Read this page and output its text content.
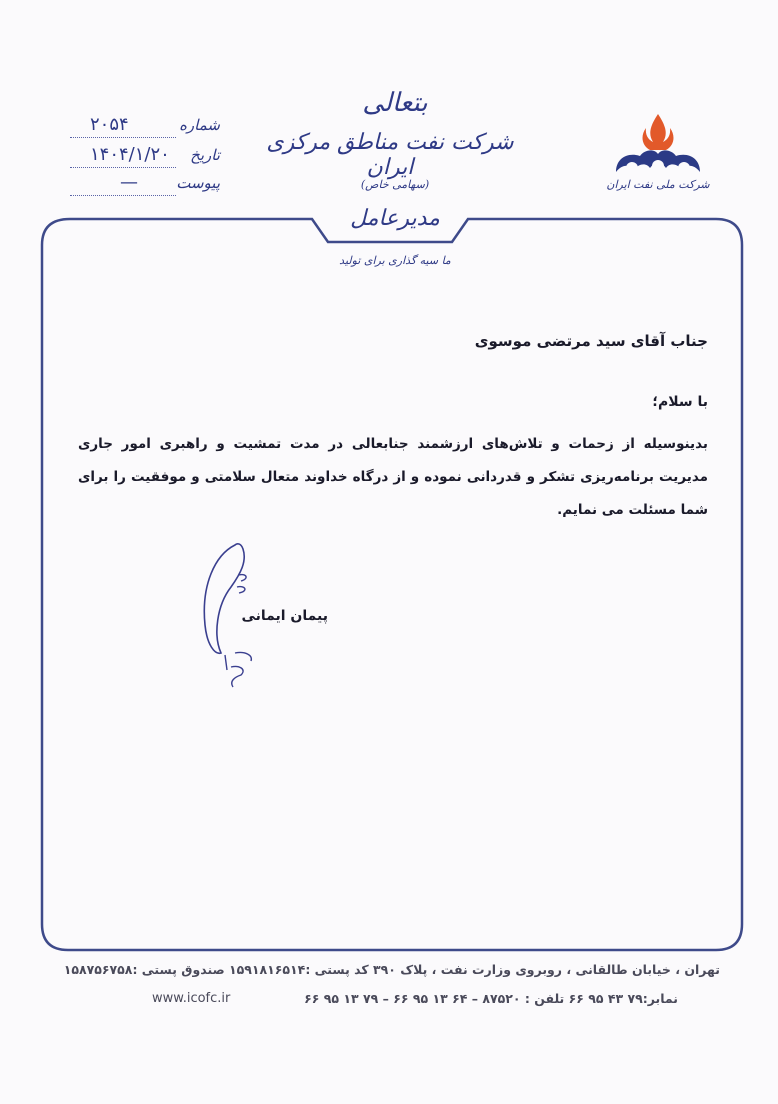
شرکت ملی نفت ایران
بتعالی
شرکت نفت مناطق مرکزی ایران
(سهامی خاص)
مدیرعامل
ما سیه گذاری برای تولید
شماره
۲۰۵۴
تاریخ
۱۴۰۴/۱/۲۰
پیوست
—
جناب آقای سید مرتضی موسوی
با سلام؛
بدینوسیله از زحمات و تلاش‌های ارزشمند جنابعالی در مدت تمشیت و راهبری امور جاری مدیریت برنامه‌ریزی تشکر و قدردانی نموده و از درگاه خداوند متعال سلامتی و موفقیت را برای شما مسئلت می نمایم.
پیمان ایمانی
تهران ، خیابان طالقانی ، روبروی وزارت نفت ، پلاک ۳۹۰ کد پستی :۱۵۹۱۸۱۶۵۱۴ صندوق پستی :۱۵۸۷۵۶۷۵۸
www.icofc.ir	نمابر:۷۹ ۴۳ ۹۵ ۶۶ تلفن : ۸۷۵۲۰ – ۶۴ ۱۳ ۹۵ ۶۶ – ۷۹ ۱۳ ۹۵ ۶۶
